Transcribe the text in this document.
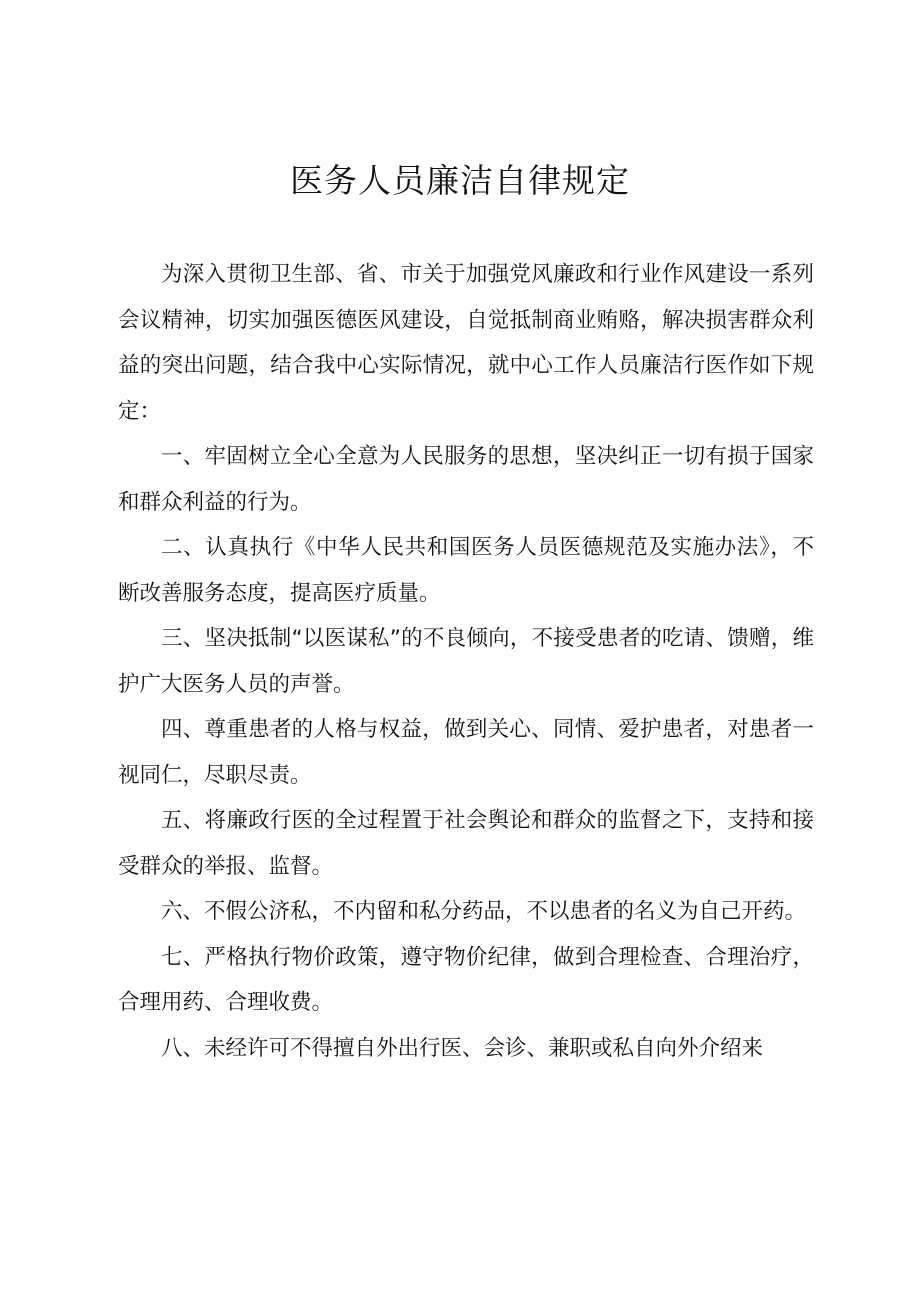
医务人员廉洁自律规定

为深入贯彻卫生部、省、市关于加强党风廉政和行业作风建设一系列会议精神，切实加强医德医风建设，自觉抵制商业贿赂，解决损害群众利益的突出问题，结合我中心实际情况，就中心工作人员廉洁行医作如下规定：

一、牢固树立全心全意为人民服务的思想，坚决纠正一切有损于国家和群众利益的行为。

二、认真执行《中华人民共和国医务人员医德规范及实施办法》，不断改善服务态度，提高医疗质量。

三、坚决抵制“以医谋私”的不良倾向，不接受患者的吃请、馈赠，维护广大医务人员的声誉。

四、尊重患者的人格与权益，做到关心、同情、爱护患者，对患者一视同仁，尽职尽责。

五、将廉政行医的全过程置于社会舆论和群众的监督之下，支持和接受群众的举报、监督。

六、不假公济私，不内留和私分药品，不以患者的名义为自己开药。

七、严格执行物价政策，遵守物价纪律，做到合理检查、合理治疗，合理用药、合理收费。

八、未经许可不得擅自外出行医、会诊、兼职或私自向外介绍来
